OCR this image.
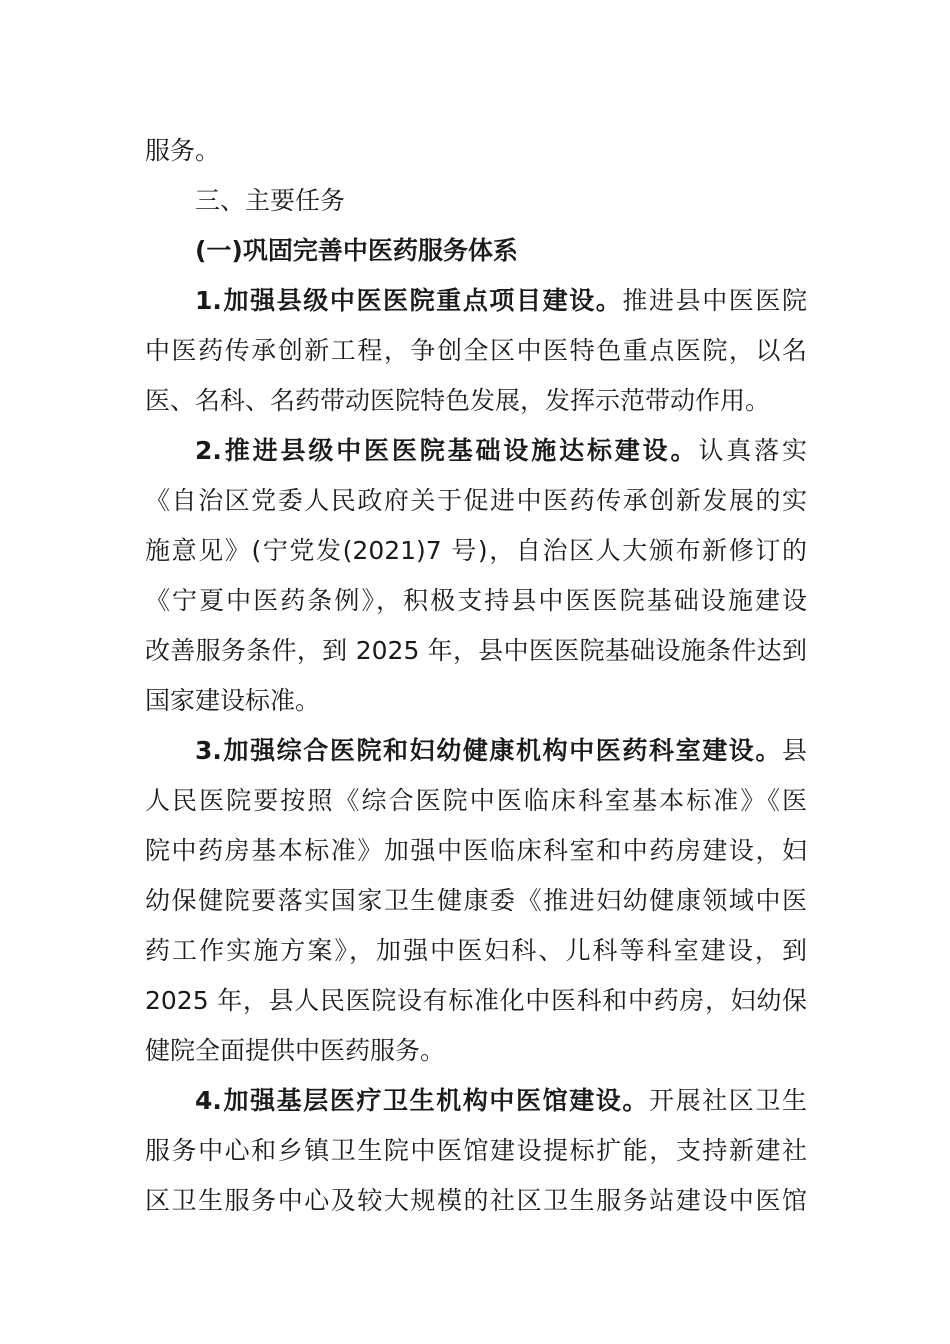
服务。
三、主要任务
(一)巩固完善中医药服务体系
1.加强县级中医医院重点项目建设。推进县中医医院
中医药传承创新工程，争创全区中医特色重点医院，以名
医、名科、名药带动医院特色发展，发挥示范带动作用。
2.推进县级中医医院基础设施达标建设。认真落实
《自治区党委人民政府关于促进中医药传承创新发展的实
施意见》(宁党发(2021)7 号)，自治区人大颁布新修订的
《宁夏中医药条例》，积极支持县中医医院基础设施建设
改善服务条件，到 2025 年，县中医医院基础设施条件达到
国家建设标准。
3.加强综合医院和妇幼健康机构中医药科室建设。县
人民医院要按照《综合医院中医临床科室基本标准》《医
院中药房基本标准》加强中医临床科室和中药房建设，妇
幼保健院要落实国家卫生健康委《推进妇幼健康领域中医
药工作实施方案》，加强中医妇科、儿科等科室建设，到
2025 年，县人民医院设有标准化中医科和中药房，妇幼保
健院全面提供中医药服务。
4.加强基层医疗卫生机构中医馆建设。开展社区卫生
服务中心和乡镇卫生院中医馆建设提标扩能，支持新建社
区卫生服务中心及较大规模的社区卫生服务站建设中医馆
